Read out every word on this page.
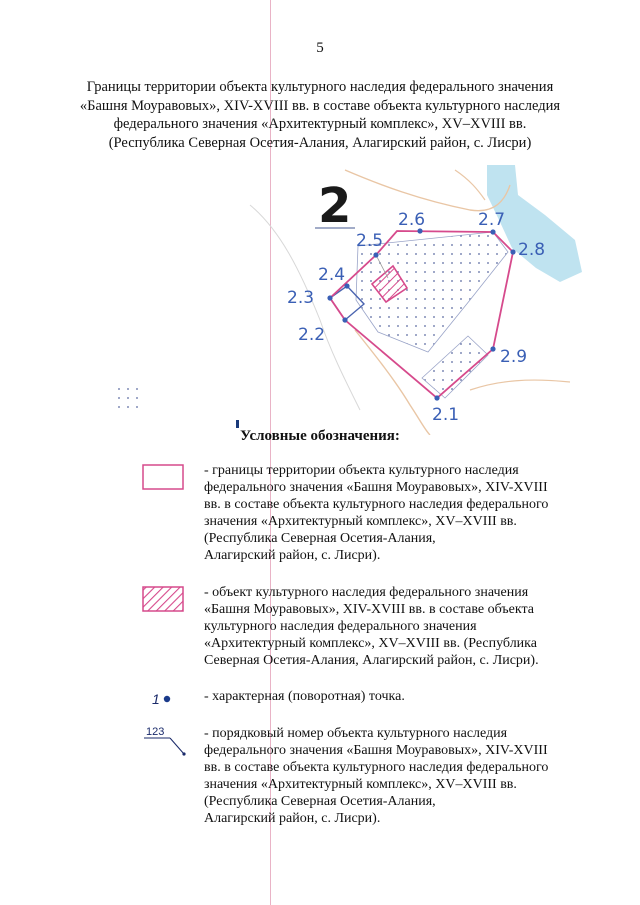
5
Границы территории объекта культурного наследия федерального значения
«Башня Моуравовых», XIV-XVIII вв. в составе объекта культурного наследия
федерального значения «Архитектурный комплекс», XV–XVIII вв.
(Республика Северная Осетия-Алания, Алагирский район, с. Лисри)
2
2.1
2.2
2.3
2.4
2.5
2.6	2.7
2.8
2.9
Условные обозначения:
- границы территории объекта культурного наследия
федерального значения «Башня Моуравовых», XIV-XVIII
вв. в составе объекта культурного наследия федерального
значения «Архитектурный комплекс», XV–XVIII вв.
(Республика Северная Осетия-Алания,
Алагирский район, с. Лисри).
- объект культурного наследия федерального значения
«Башня Моуравовых», XIV-XVIII вв. в составе объекта
культурного наследия федерального значения
«Архитектурный комплекс», XV–XVIII вв. (Республика
Северная Осетия-Алания, Алагирский район, с. Лисри).
1	- характерная (поворотная) точка.
123	- порядковый номер объекта культурного наследия
федерального значения «Башня Моуравовых», XIV-XVIII
вв. в составе объекта культурного наследия федерального
значения «Архитектурный комплекс», XV–XVIII вв.
(Республика Северная Осетия-Алания,
Алагирский район, с. Лисри).
